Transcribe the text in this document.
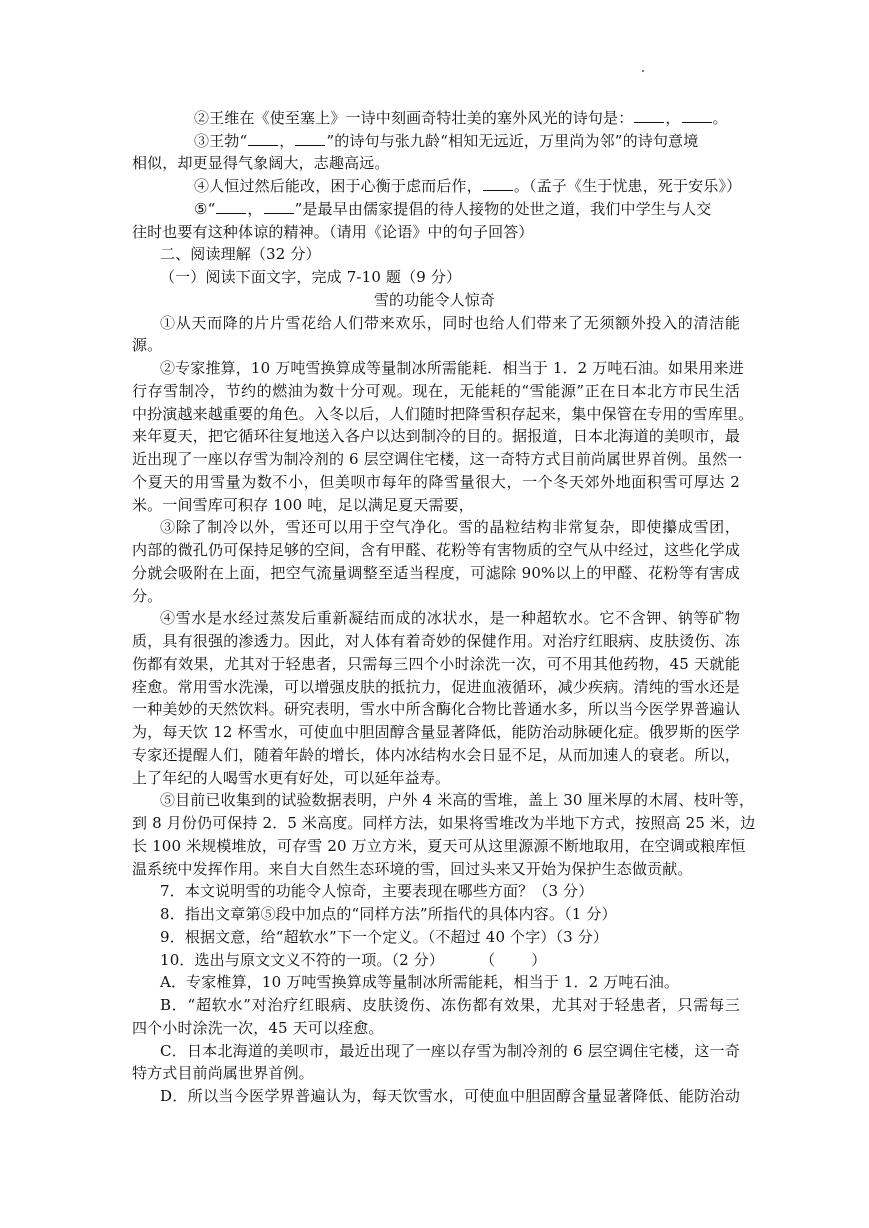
②王维在《使至塞上》一诗中刻画奇特壮美的塞外风光的诗句是： ， 。
③王勃“ ， ”的诗句与张九龄“相知无远近，万里尚为邻”的诗句意境
相似，却更显得气象阔大，志趣高远。
④人恒过然后能改，困于心衡于虑而后作， 。（孟子《生于忧患，死于安乐》）
⑤“ ， ”是最早由儒家提倡的待人接物的处世之道，我们中学生与人交
往时也要有这种体谅的精神。（请用《论语》中的句子回答）
二、阅读理解（32 分）
（一）阅读下面文字，完成 7-10 题（9 分）
雪的功能令人惊奇
①从天而降的片片雪花给人们带来欢乐，同时也给人们带来了无须额外投入的清洁能
源。
②专家推算，10 万吨雪换算成等量制冰所需能耗．相当于 1．2 万吨石油。如果用来进
行存雪制冷，节约的燃油为数十分可观。现在，无能耗的“雪能源”正在日本北方市民生活
中扮演越来越重要的角色。入冬以后，人们随时把降雪积存起来，集中保管在专用的雪库里。
来年夏天，把它循环往复地送入各户以达到制冷的目的。据报道，日本北海道的美呗市，最
近出现了一座以存雪为制冷剂的 6 层空调住宅楼，这一奇特方式目前尚属世界首例。虽然一
个夏天的用雪量为数不小，但美呗市每年的降雪量很大，一个冬天郊外地面积雪可厚达 2
米。一间雪库可积存 100 吨，足以满足夏天需要，
③除了制冷以外，雪还可以用于空气净化。雪的晶粒结构非常复杂，即使攥成雪团，
内部的微孔仍可保持足够的空间，含有甲醛、花粉等有害物质的空气从中经过，这些化学成
分就会吸附在上面，把空气流量调整至适当程度，可滤除 90%以上的甲醛、花粉等有害成
分。
④雪水是水经过蒸发后重新凝结而成的冰状水，是一种超软水。它不含钾、钠等矿物
质，具有很强的渗透力。因此，对人体有着奇妙的保健作用。对治疗红眼病、皮肤烫伤、冻
伤都有效果，尤其对于轻患者，只需每三四个小时涂洗一次，可不用其他药物，45 天就能
痊愈。常用雪水洗澡，可以增强皮肤的抵抗力，促进血液循环，减少疾病。清纯的雪水还是
一种美妙的天然饮料。研究表明，雪水中所含酶化合物比普通水多，所以当今医学界普遍认
为，每天饮 12 杯雪水，可使血中胆固醇含量显著降低，能防治动脉硬化症。俄罗斯的医学
专家还提醒人们，随着年龄的增长，体内冰结构水会日显不足，从而加速人的衰老。所以，
上了年纪的人喝雪水更有好处，可以延年益寿。
⑤目前已收集到的试验数据表明，户外 4 米高的雪堆，盖上 30 厘米厚的木屑、枝叶等，
到 8 月份仍可保持 2．5 米高度。同样方法，如果将雪堆改为半地下方式，按照高 25 米，边
长 100 米规模堆放，可存雪 20 万立方米，夏天可从这里源源不断地取用，在空调或粮库恒
温系统中发挥作用。来自大自然生态环境的雪，回过头来又开始为保护生态做贡献。
7．本文说明雪的功能令人惊奇，主要表现在哪些方面？（3 分）
8．指出文章第⑤段中加点的“同样方法”所指代的具体内容。（1 分）
9．根据文意，给“超软水”下一个定义。（不超过 40 个字）（3 分）
10．选出与原文文义不符的一项。（2 分） （ ）
A．专家椎算，10 万吨雪换算成等量制冰所需能耗，相当于 1．2 万吨石油。
B．“超软水”对治疗红眼病、皮肤烫伤、冻伤都有效果，尤其对于轻患者，只需每三
四个小时涂洗一次，45 天可以痊愈。
C．日本北海道的美呗市，最近出现了一座以存雪为制冷剂的 6 层空调住宅楼，这一奇
特方式目前尚属世界首例。
D．所以当今医学界普遍认为，每天饮雪水，可使血中胆固醇含量显著降低、能防治动
